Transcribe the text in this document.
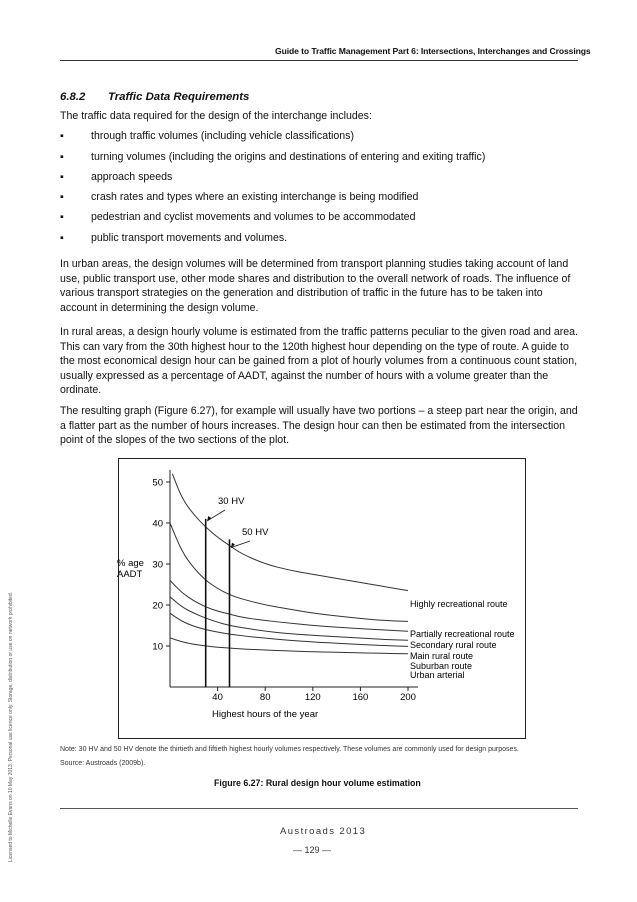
Guide to Traffic Management Part 6: Intersections, Interchanges and Crossings
6.8.2 Traffic Data Requirements
The traffic data required for the design of the interchange includes:
▪	through traffic volumes (including vehicle classifications)
▪	turning volumes (including the origins and destinations of entering and exiting traffic)
▪	approach speeds
▪	crash rates and types where an existing interchange is being modified
▪	pedestrian and cyclist movements and volumes to be accommodated
▪	public transport movements and volumes.
In urban areas, the design volumes will be determined from transport planning studies taking account of land use, public transport use, other mode shares and distribution to the overall network of roads. The influence of various transport strategies on the generation and distribution of traffic in the future has to be taken into account in determining the design volume.
In rural areas, a design hourly volume is estimated from the traffic patterns peculiar to the given road and area. This can vary from the 30th highest hour to the 120th highest hour depending on the type of route. A guide to the most economical design hour can be gained from a plot of hourly volumes from a continuous count station, usually expressed as a percentage of AADT, against the number of hours with a volume greater than the ordinate.
The resulting graph (Figure 6.27), for example will usually have two portions – a steep part near the origin, and a flatter part as the number of hours increases. The design hour can then be estimated from the intersection point of the slopes of the two sections of the plot.
10
20
30
40
50
40	80	120	160	200
Highly recreational route
Partially recreational route
Secondary rural route
Main rural route
Suburban route
Urban arterial
30 HV
50 HV
Highest hours of the year
% age
AADT
Note: 30 HV and 50 HV denote the thirtieth and fiftieth highest hourly volumes respectively. These volumes are commonly used for design purposes.
Source: Austroads (2009b).
Figure 6.27: Rural design hour volume estimation
Austroads 2013
— 129 —
Licensed to Michelle Evans on 10 May 2013. Personal use licence only. Storage, distribution or use on network prohibited.
